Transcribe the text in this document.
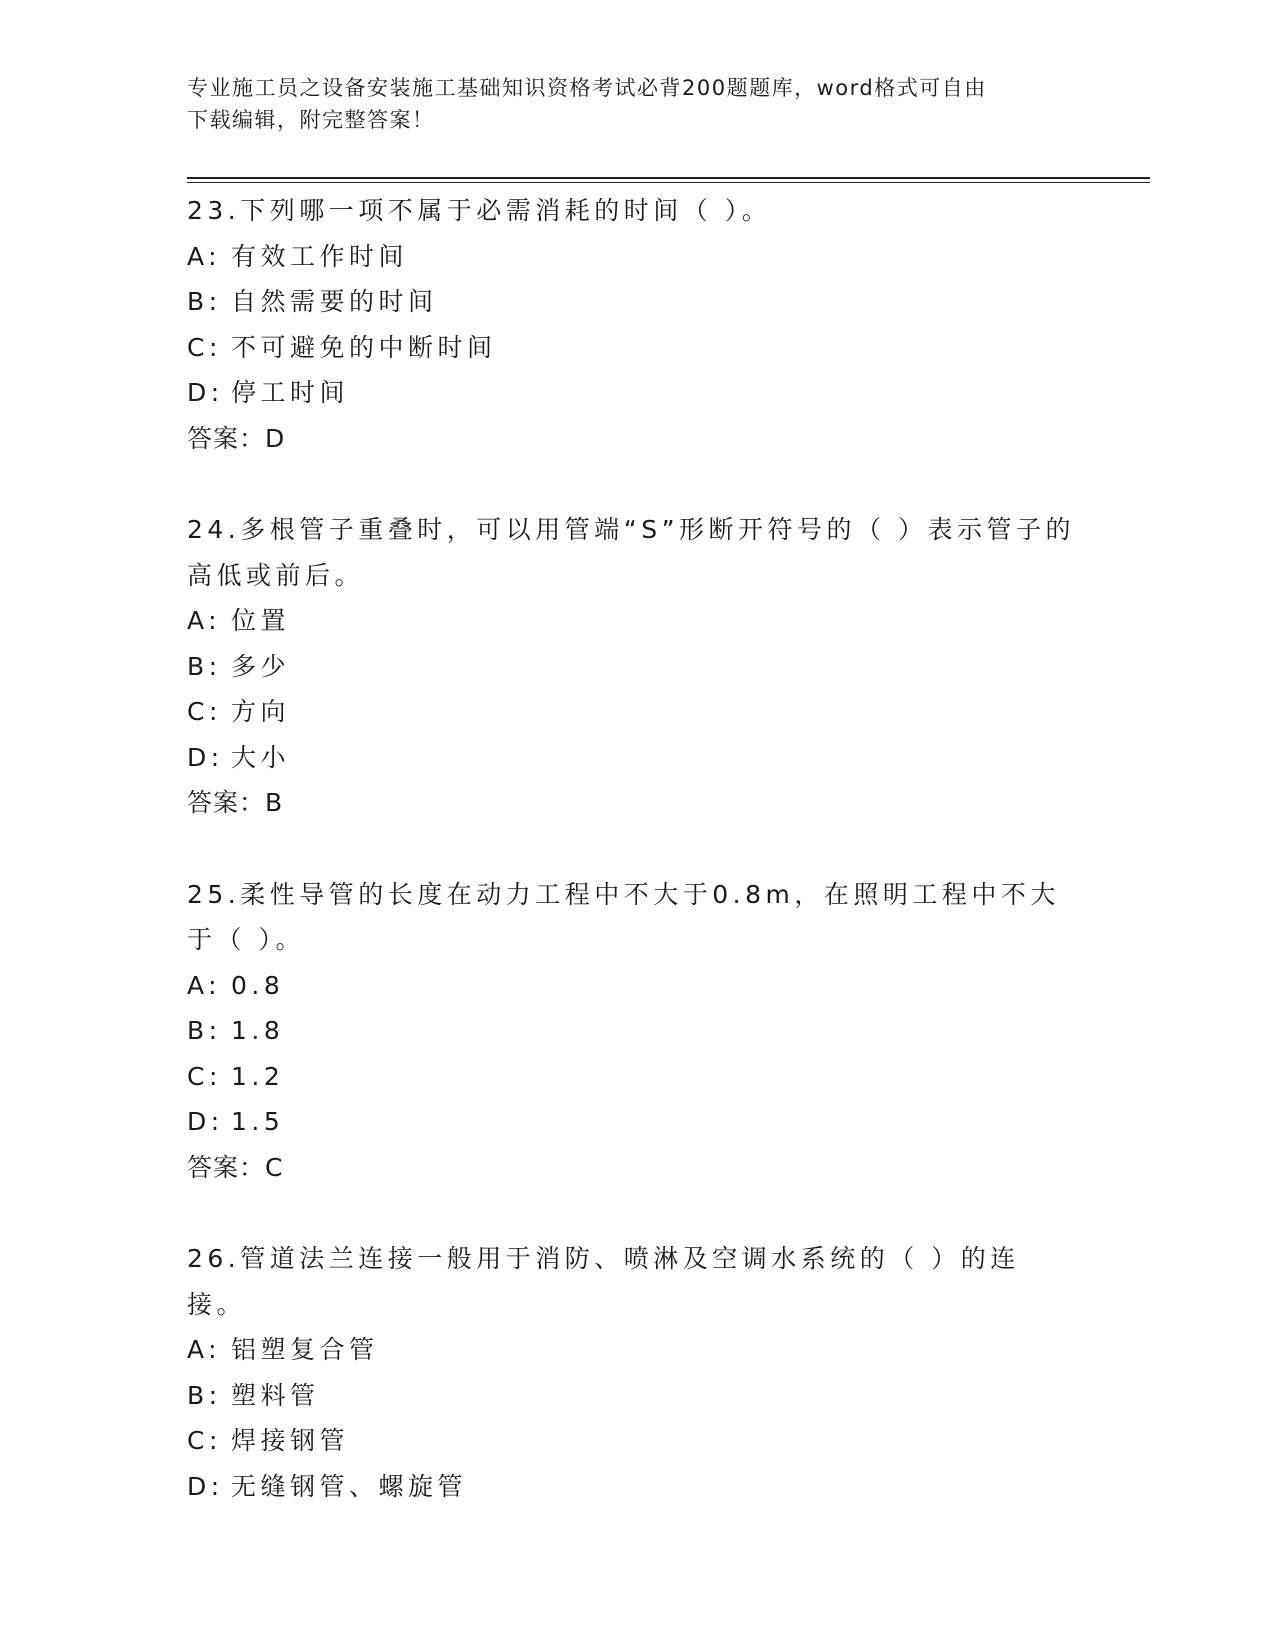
专业施工员之设备安装施工基础知识资格考试必背200题题库，word格式可自由
下载编辑，附完整答案！
23.下列哪一项不属于必需消耗的时间（ ）。
A: 有效工作时间
B: 自然需要的时间
C: 不可避免的中断时间
D: 停工时间
答案：D
24.多根管子重叠时，可以用管端“S”形断开符号的（ ）表示管子的高低或前后。
A: 位置
B: 多少
C: 方向
D: 大小
答案：B
25.柔性导管的长度在动力工程中不大于0.8m，在照明工程中不大于（ ）。
A: 0.8
B: 1.8
C: 1.2
D: 1.5
答案：C
26.管道法兰连接一般用于消防、喷淋及空调水系统的（ ）的连接。
A: 铝塑复合管
B: 塑料管
C: 焊接钢管
D: 无缝钢管、螺旋管
